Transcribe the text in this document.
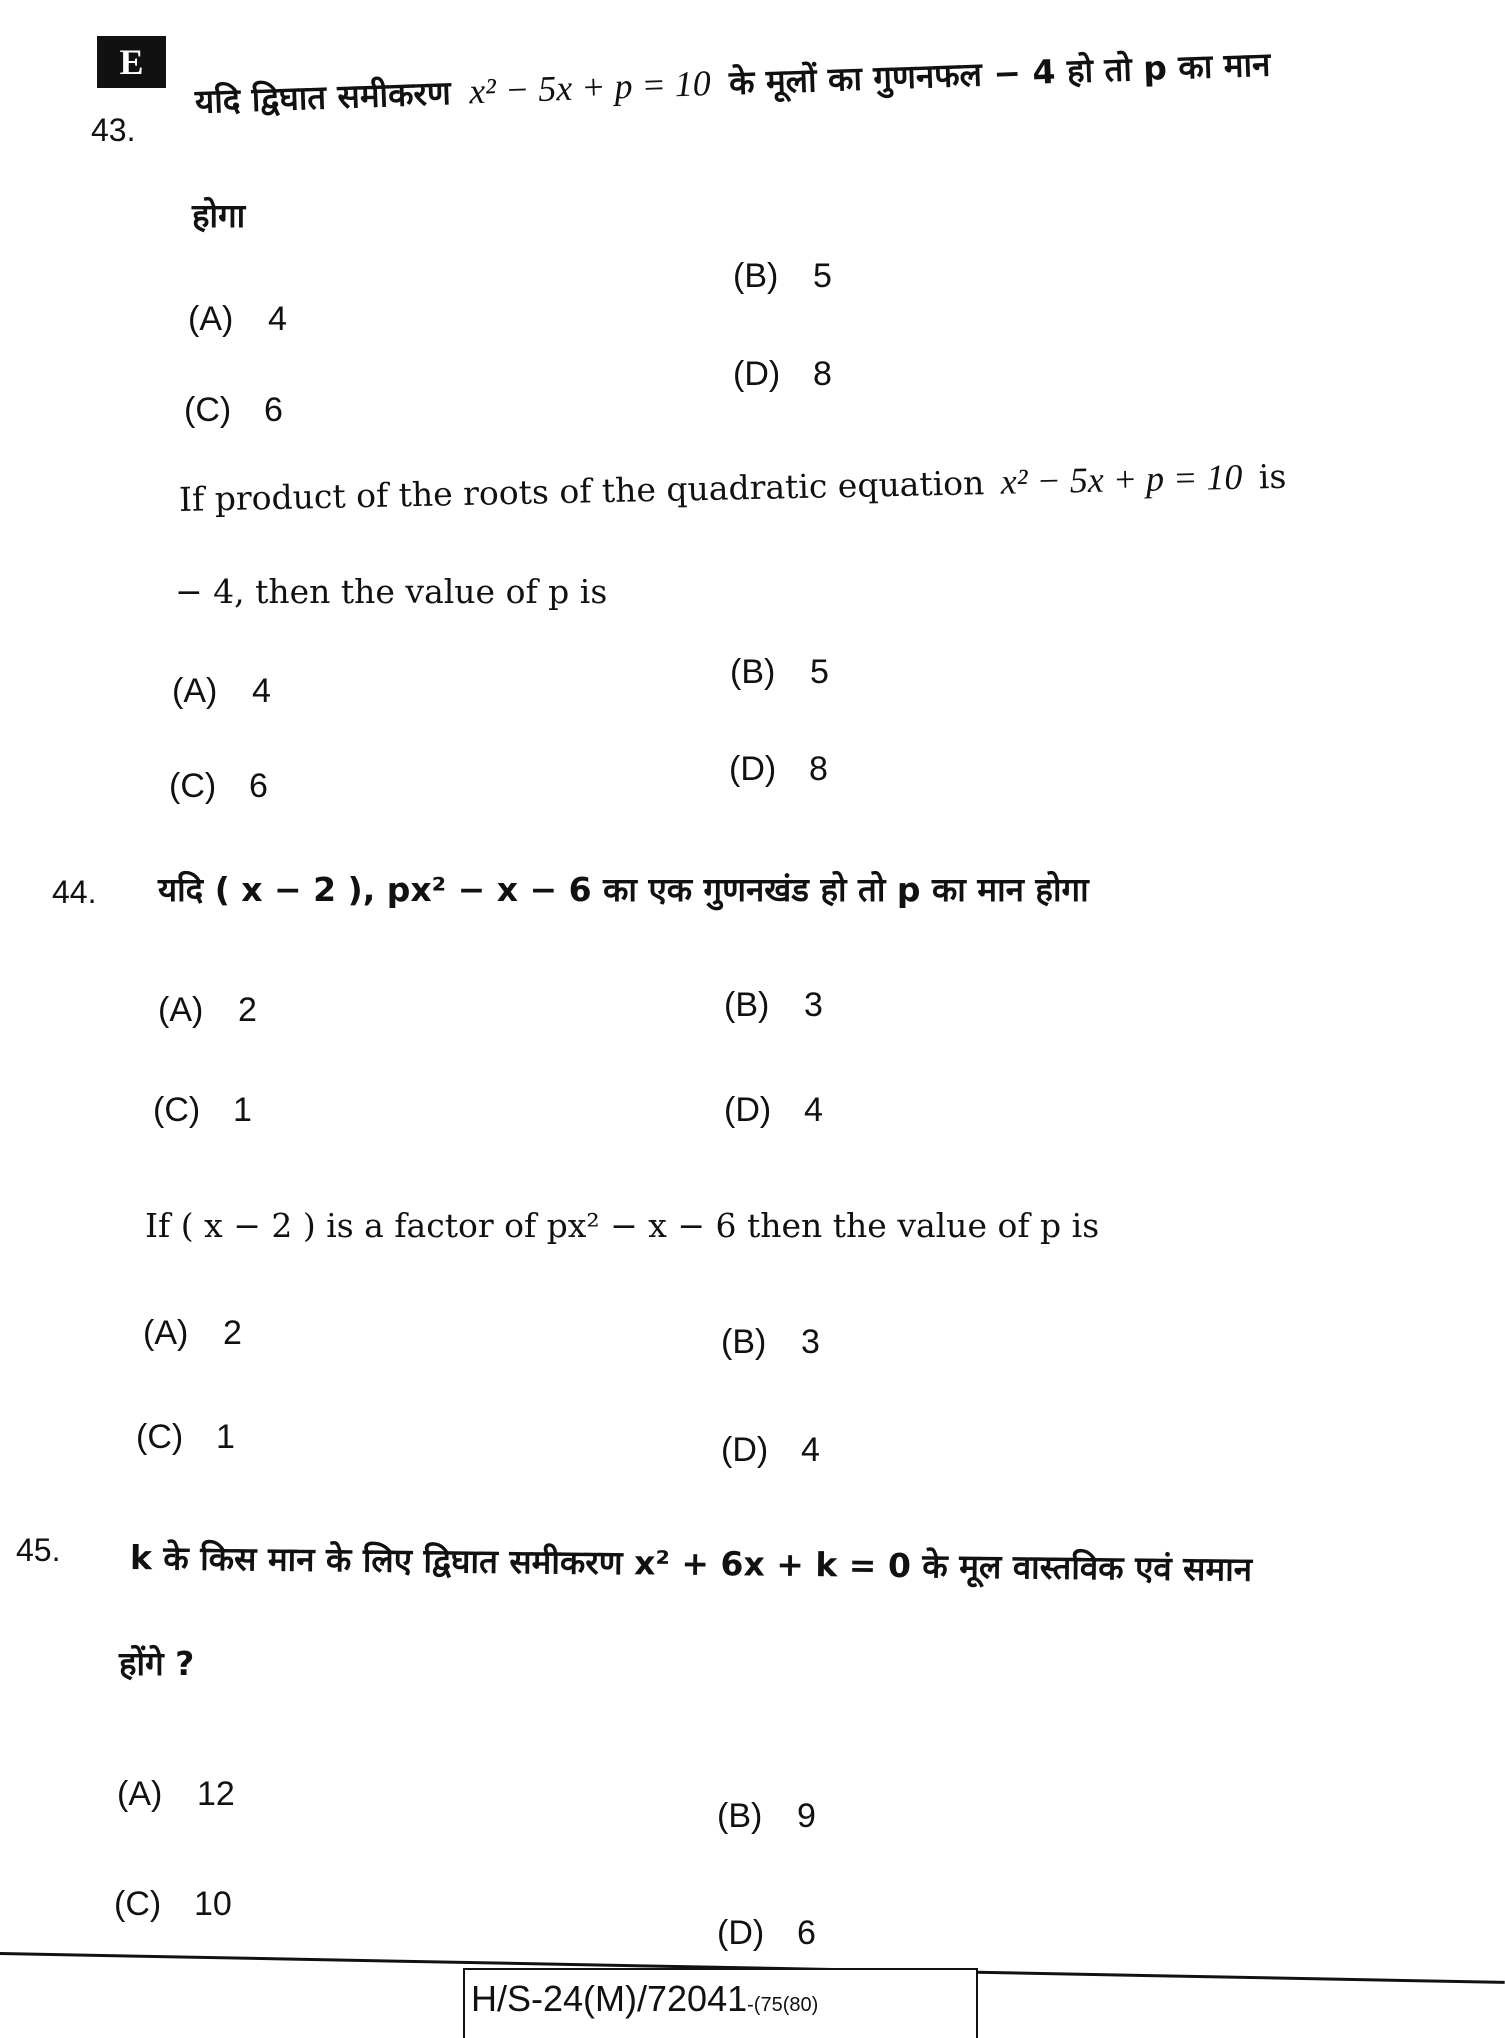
E
43.
यदि द्विघात समीकरण x² − 5x + p = 10 के मूलों का गुणनफल − 4 हो तो p का मान
होगा
(A) 4
(B) 5
(C) 6
(D) 8
If product of the roots of the quadratic equation x² − 5x + p = 10 is
− 4, then the value of p is
(A) 4	(B) 5
(C) 6	(D) 8
44. यदि ( x − 2 ), px² − x − 6 का एक गुणनखंड हो तो p का मान होगा
(A) 2	(B) 3
(C) 1	(D) 4
If ( x − 2 ) is a factor of px² − x − 6 then the value of p is
(A) 2	(B) 3
(C) 1	(D) 4
45. k के किस मान के लिए द्विघात समीकरण x² + 6x + k = 0 के मूल वास्तविक एवं समान
होंगे ?
(A) 12
(B) 9
(C) 10
(D) 6
H/S-24(M)/72041-(75(80)
